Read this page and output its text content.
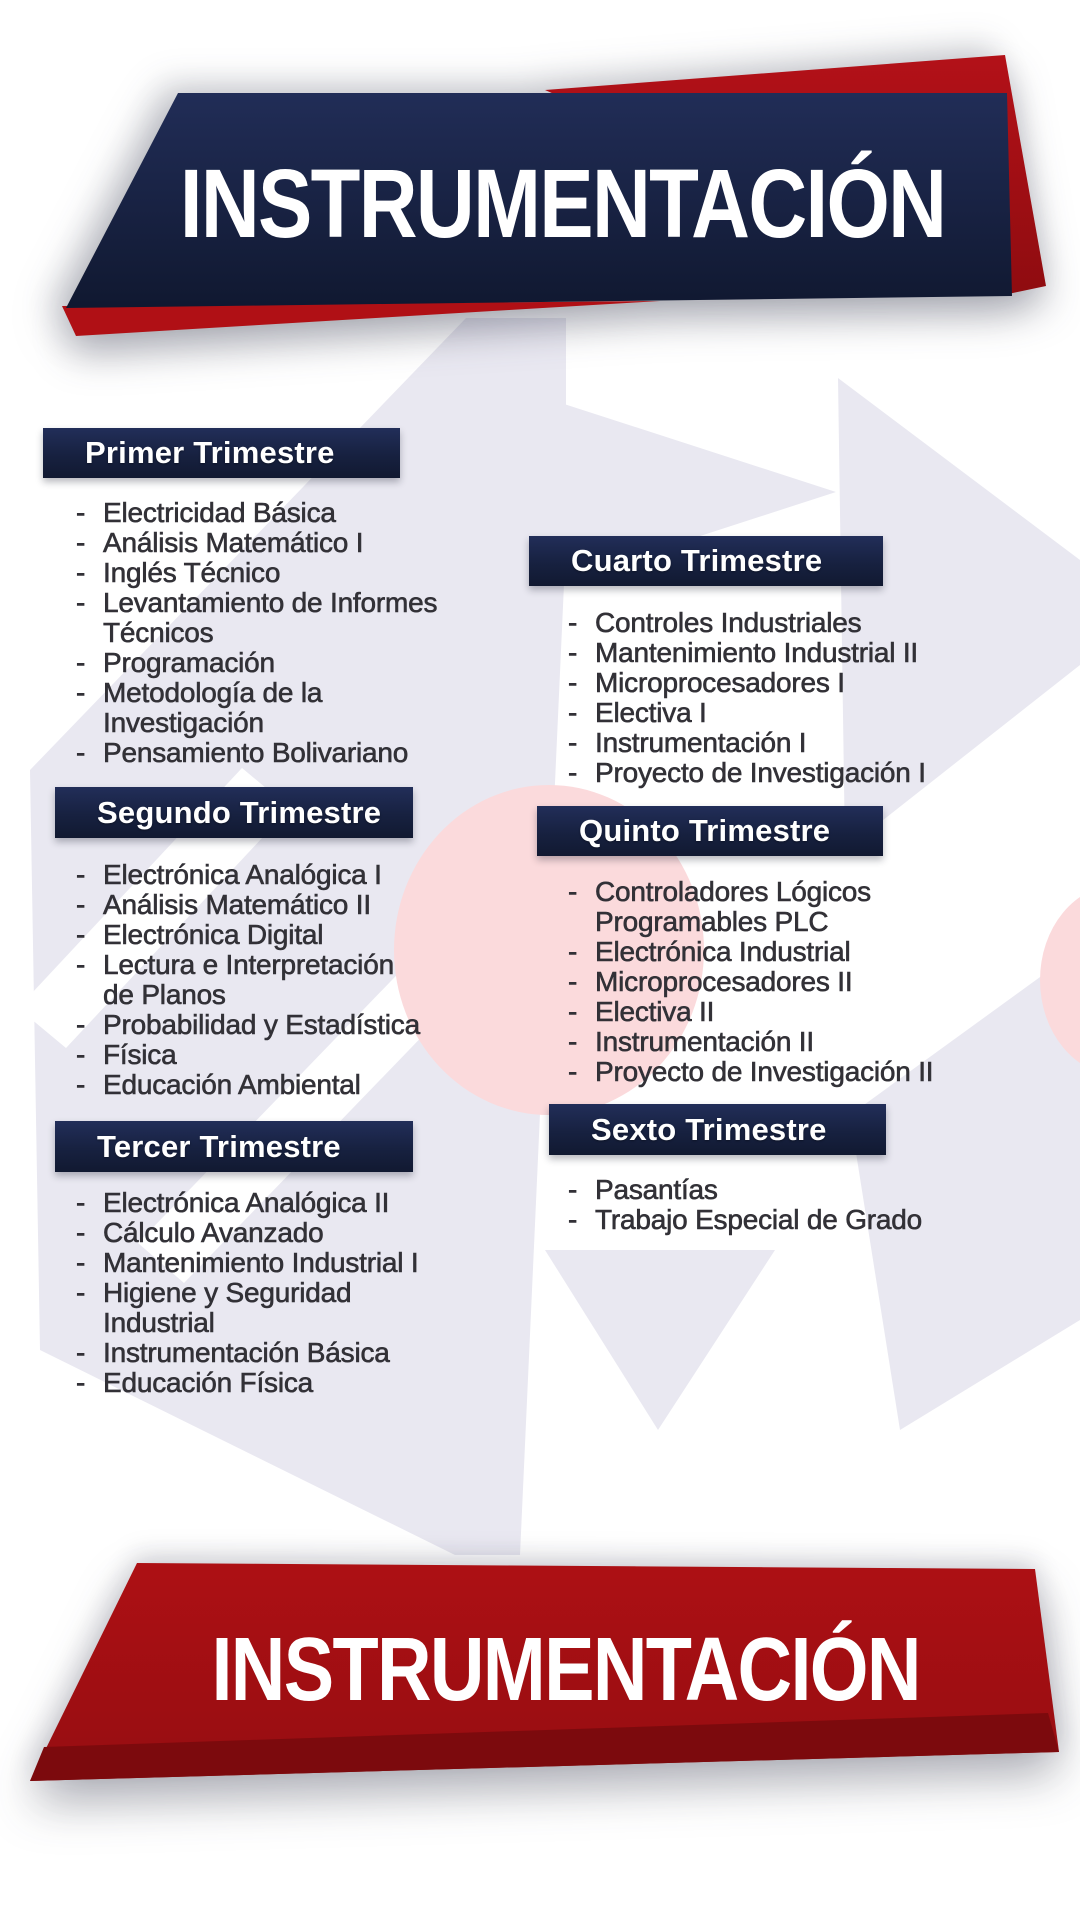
INSTRUMENTACIÓN
Primer Trimestre
Segundo Trimestre
Tercer Trimestre
Cuarto Trimestre
Quinto Trimestre
Sexto Trimestre
- Electricidad Básica
- Análisis Matemático I
- Inglés Técnico
- Levantamiento de Informes
Técnicos
- Programación
- Metodología de la
Investigación
- Pensamiento Bolivariano
- Electrónica Analógica I
- Análisis Matemático II
- Electrónica Digital
- Lectura e Interpretación
de Planos
- Probabilidad y Estadística
- Física
- Educación Ambiental
- Electrónica Analógica II
- Cálculo Avanzado
- Mantenimiento Industrial I
- Higiene y Seguridad
Industrial
- Instrumentación Básica
- Educación Física
- Controles Industriales
- Mantenimiento Industrial II
- Microprocesadores I
- Electiva I
- Instrumentación I
- Proyecto de Investigación I
- Controladores Lógicos
Programables PLC
- Electrónica Industrial
- Microprocesadores II
- Electiva II
- Instrumentación II
- Proyecto de Investigación II
- Pasantías
- Trabajo Especial de Grado
INSTRUMENTACIÓN
